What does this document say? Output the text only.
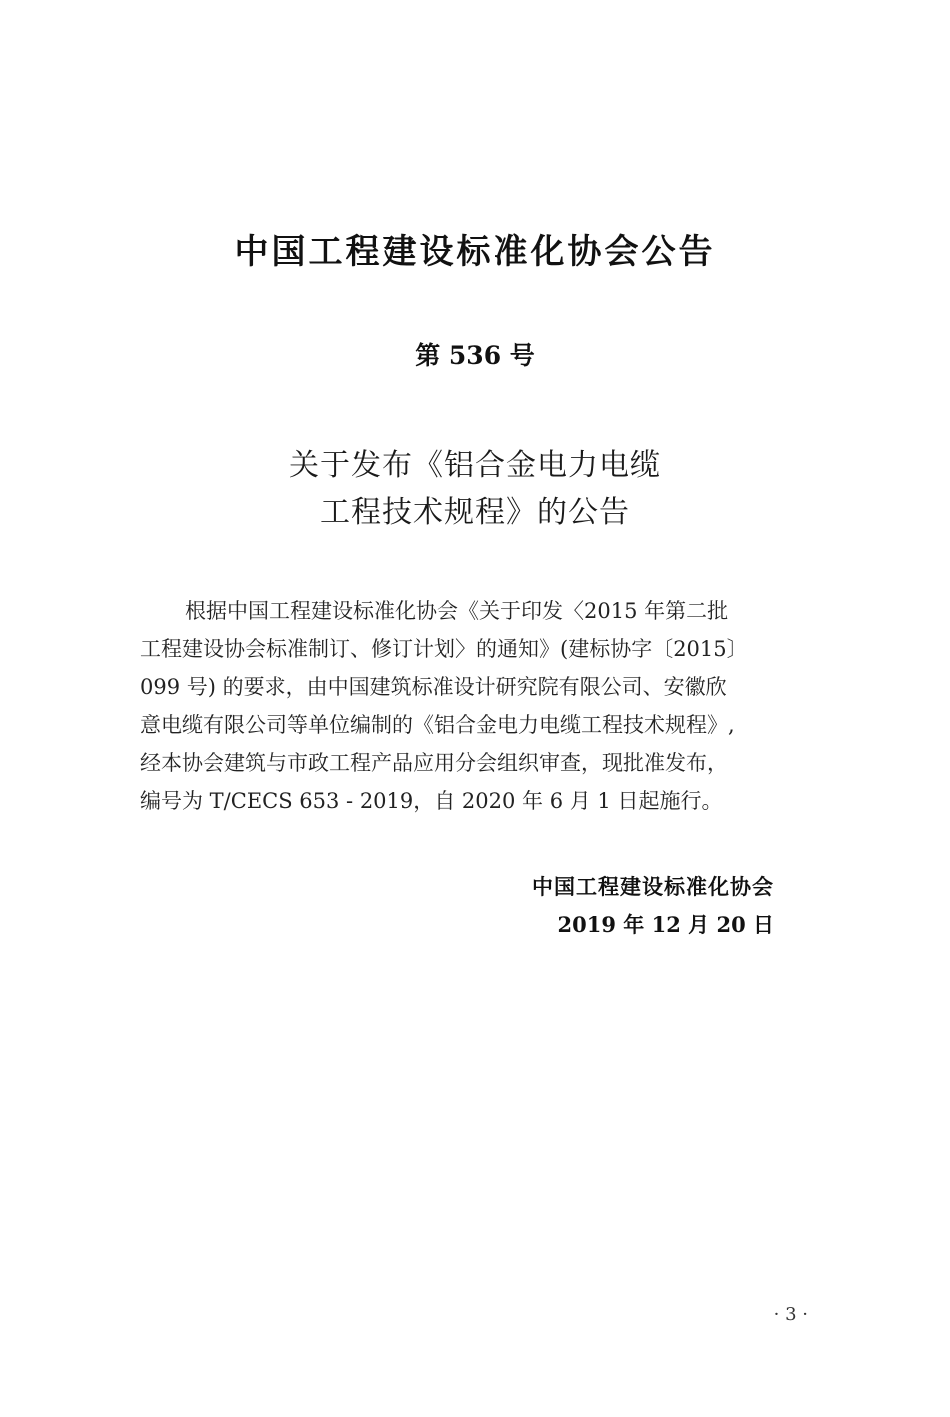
中国工程建设标准化协会公告
第 536 号
关于发布《铝合金电力电缆
工程技术规程》的公告
根据中国工程建设标准化协会《关于印发〈2015 年第二批
工程建设协会标准制订、修订计划〉的通知》(建标协字〔2015〕
099 号) 的要求，由中国建筑标准设计研究院有限公司、安徽欣
意电缆有限公司等单位编制的《铝合金电力电缆工程技术规程》,
经本协会建筑与市政工程产品应用分会组织审查，现批准发布，
编号为 T/CECS 653 - 2019，自 2020 年 6 月 1 日起施行。
中国工程建设标准化协会
2019 年 12 月 20 日
· 3 ·
